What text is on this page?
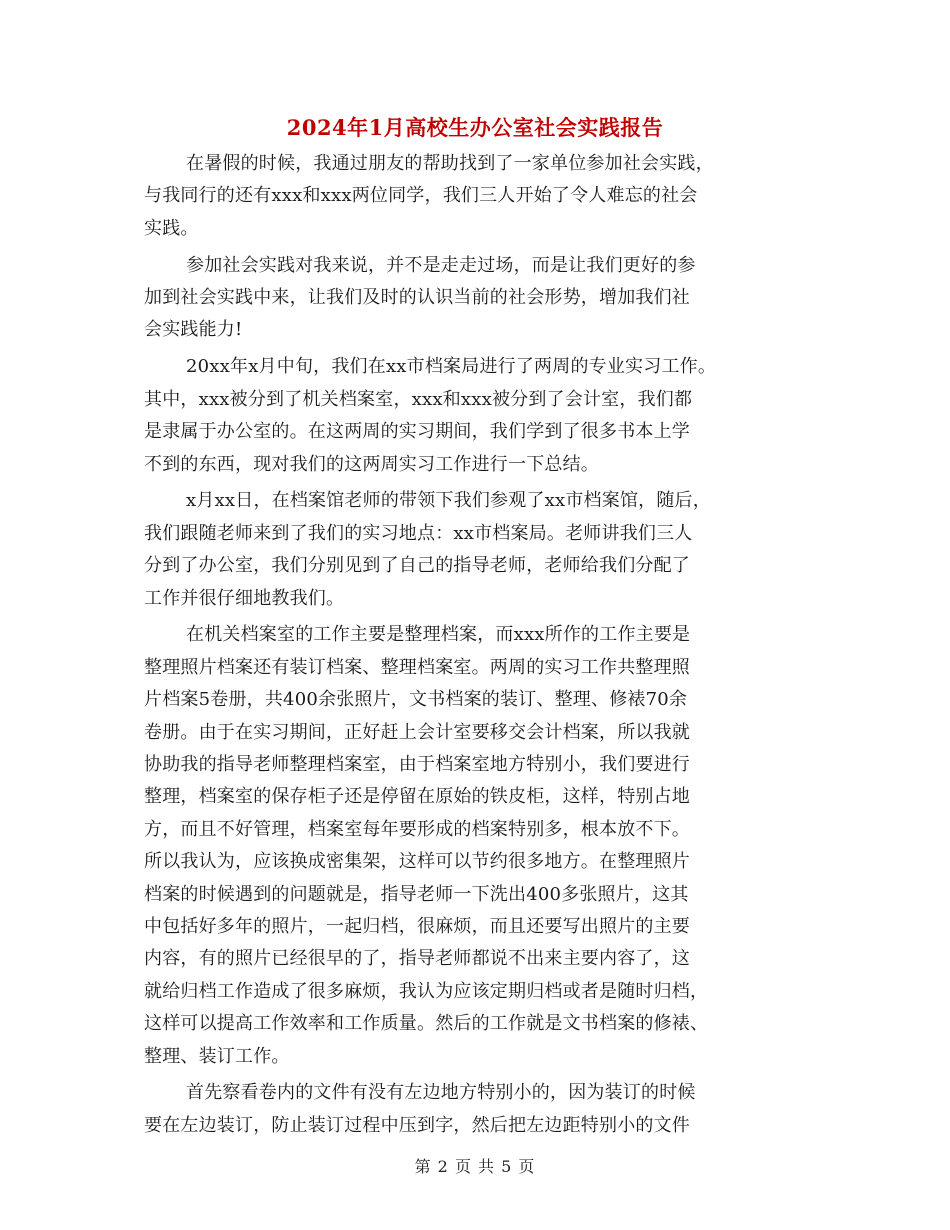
2024年1月高校生办公室社会实践报告
在暑假的时候，我通过朋友的帮助找到了一家单位参加社会实践，
与我同行的还有xxx和xxx两位同学，我们三人开始了令人难忘的社会
实践。
参加社会实践对我来说，并不是走走过场，而是让我们更好的参
加到社会实践中来，让我们及时的认识当前的社会形势，增加我们社
会实践能力!
20xx年x月中旬，我们在xx市档案局进行了两周的专业实习工作。
其中，xxx被分到了机关档案室，xxx和xxx被分到了会计室，我们都
是隶属于办公室的。在这两周的实习期间，我们学到了很多书本上学
不到的东西，现对我们的这两周实习工作进行一下总结。
x月xx日，在档案馆老师的带领下我们参观了xx市档案馆，随后，
我们跟随老师来到了我们的实习地点：xx市档案局。老师讲我们三人
分到了办公室，我们分别见到了自己的指导老师，老师给我们分配了
工作并很仔细地教我们。
在机关档案室的工作主要是整理档案，而xxx所作的工作主要是
整理照片档案还有装订档案、整理档案室。两周的实习工作共整理照
片档案5卷册，共400余张照片，文书档案的装订、整理、修裱70余
卷册。由于在实习期间，正好赶上会计室要移交会计档案，所以我就
协助我的指导老师整理档案室，由于档案室地方特别小，我们要进行
整理，档案室的保存柜子还是停留在原始的铁皮柜，这样，特别占地
方，而且不好管理，档案室每年要形成的档案特别多，根本放不下。
所以我认为，应该换成密集架，这样可以节约很多地方。在整理照片
档案的时候遇到的问题就是，指导老师一下洗出400多张照片，这其
中包括好多年的照片，一起归档，很麻烦，而且还要写出照片的主要
内容，有的照片已经很早的了，指导老师都说不出来主要内容了，这
就给归档工作造成了很多麻烦，我认为应该定期归档或者是随时归档，
这样可以提高工作效率和工作质量。然后的工作就是文书档案的修裱、
整理、装订工作。
首先察看卷内的文件有没有左边地方特别小的，因为装订的时候
要在左边装订，防止装订过程中压到字，然后把左边距特别小的文件
第 2 页 共 5 页
